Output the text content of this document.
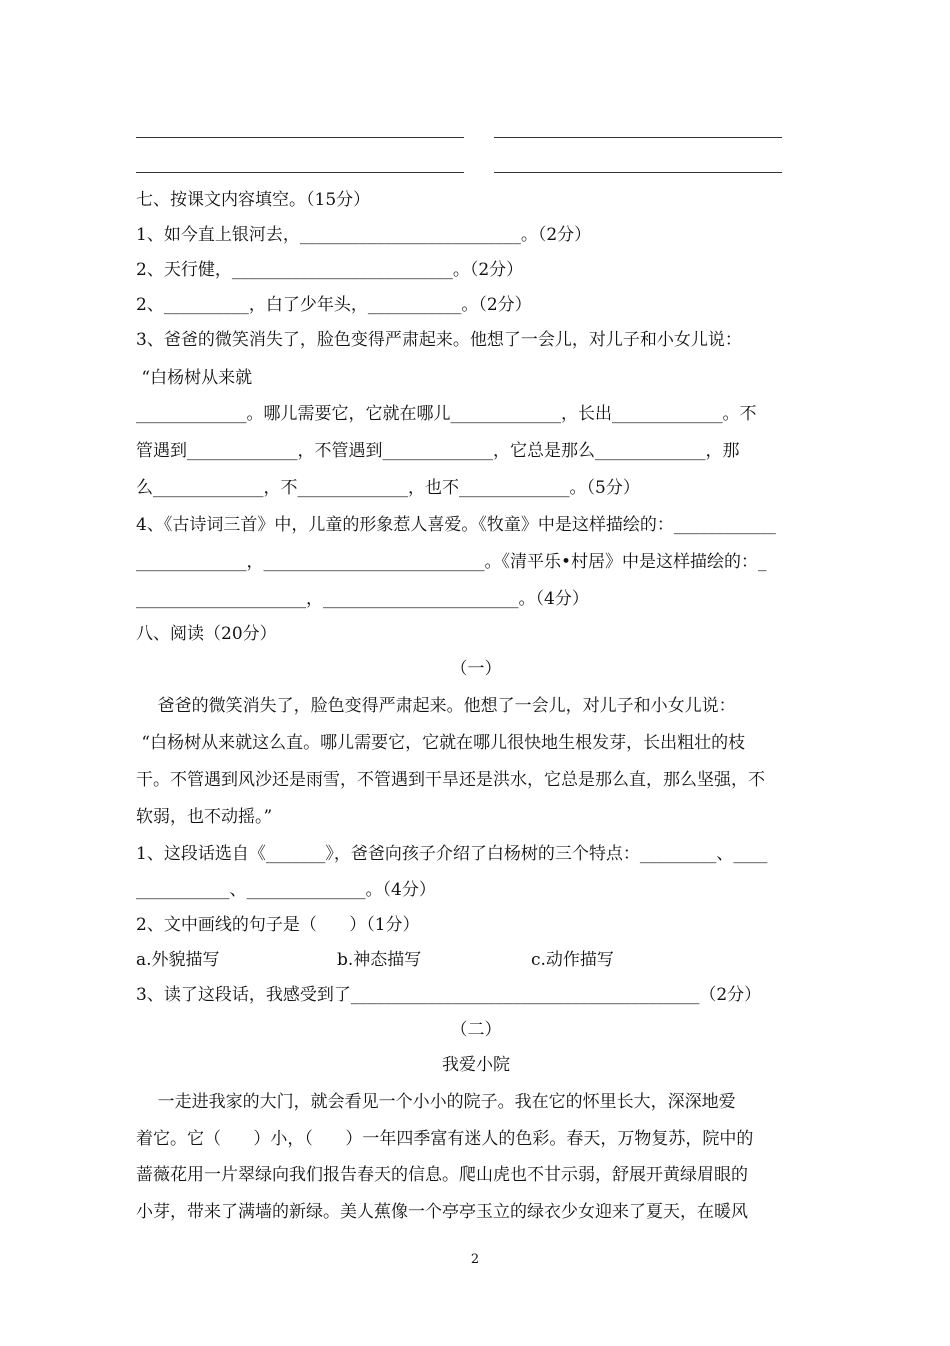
七、按课文内容填空。（15分）
1、如今直上银河去，__________________________。（2分）
2、天行健，__________________________。（2分）
2、__________，白了少年头，___________。（2分）
3、爸爸的微笑消失了，脸色变得严肃起来。他想了一会儿，对儿子和小女儿说：
“白杨树从来就
_____________。哪儿需要它，它就在哪儿_____________，长出_____________。不
管遇到_____________，不管遇到_____________，它总是那么_____________，那
么_____________，不_____________，也不_____________。（5分）
4、《古诗词三首》中，儿童的形象惹人喜爱。《牧童》中是这样描绘的：____________
_____________，__________________________。《清平乐•村居》中是这样描绘的：_
____________________，_______________________。（4分）
八、阅读（20分）
（一）
爸爸的微笑消失了，脸色变得严肃起来。他想了一会儿，对儿子和小女儿说：
“白杨树从来就这么直。哪儿需要它，它就在哪儿很快地生根发芽，长出粗壮的枝
干。不管遇到风沙还是雨雪，不管遇到干旱还是洪水，它总是那么直，那么坚强，不
软弱，也不动摇。”
1、这段话选自《_______》，爸爸向孩子介绍了白杨树的三个特点：_________、____
___________、______________。（4分）
2、文中画线的句子是（      ）（1分）
a.外貌描写	b.神态描写	c.动作描写
3、读了这段话，我感受到了_________________________________________（2分）
（二）
我爱小院
一走进我家的大门，就会看见一个小小的院子。我在它的怀里长大，深深地爱
着它。它（      ）小，（      ）一年四季富有迷人的色彩。春天，万物复苏，院中的
蔷薇花用一片翠绿向我们报告春天的信息。爬山虎也不甘示弱，舒展开黄绿眉眼的
小芽，带来了满墙的新绿。美人蕉像一个亭亭玉立的绿衣少女迎来了夏天，在暖风
2
